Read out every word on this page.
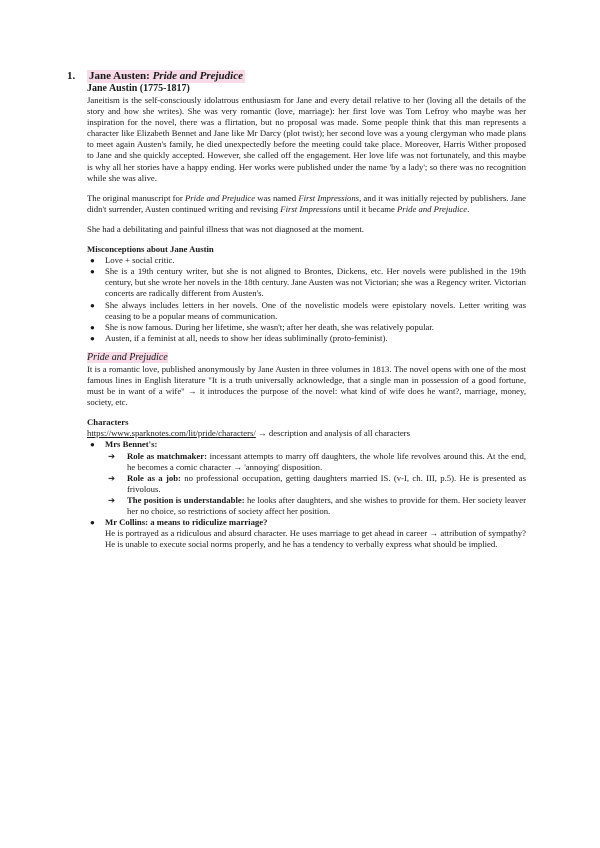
1.	Jane Austen: Pride and Prejudice
Jane Austin (1775-1817)

Janeitism is the self-consciously idolatrous enthusiasm for Jane and every detail relative to her (loving all the details of the story and how she writes). She was very romantic (love, marriage): her first love was Tom Lefroy who maybe was her inspiration for the novel, there was a flirtation, but no proposal was made. Some people think that this man represents a character like Elizabeth Bennet and Jane like Mr Darcy (plot twist); her second love was a young clergyman who made plans to meet again Austen's family, he died unexpectedly before the meeting could take place. Moreover, Harris Wither proposed to Jane and she quickly accepted. However, she called off the engagement. Her love life was not fortunately, and this maybe is why all her stories have a happy ending. Her works were published under the name 'by a lady'; so there was no recognition while she was alive.

The original manuscript for Pride and Prejudice was named First Impressions, and it was initially rejected by publishers. Jane didn't surrender, Austen continued writing and revising First Impressions until it became Pride and Prejudice.

She had a debilitating and painful illness that was not diagnosed at the moment.

Misconceptions about Jane Austin
● Love + social critic.
● She is a 19th century writer, but she is not aligned to Brontes, Dickens, etc. Her novels were published in the 19th century, but she wrote her novels in the 18th century. Jane Austen was not Victorian; she was a Regency writer. Victorian concerts are radically different from Austen's.
● She always includes letters in her novels. One of the novelistic models were epistolary novels. Letter writing was ceasing to be a popular means of communication.
● She is now famous. During her lifetime, she wasn't; after her death, she was relatively popular.
● Austen, if a feminist at all, needs to show her ideas subliminally (proto-feminist).
Pride and Prejudice

It is a romantic love, published anonymously by Jane Austen in three volumes in 1813. The novel opens with one of the most famous lines in English literature "It is a truth universally acknowledge, that a single man in possession of a good fortune, must be in want of a wife" → it introduces the purpose of the novel: what kind of wife does he want?, marriage, money, society, etc.

Characters
https://www.sparknotes.com/lit/pride/characters/ → description and analysis of all characters
● Mrs Bennet's:
➔ Role as matchmaker: incessant attempts to marry off daughters, the whole life revolves around this. At the end, he becomes a comic character → 'annoying' disposition.
➔ Role as a job: no professional occupation, getting daughters married IS. (v-I, ch. III, p.5). He is presented as frivolous.
➔ The position is understandable: he looks after daughters, and she wishes to provide for them. Her society leaver her no choice, so restrictions of society affect her position.
● Mr Collins: a means to ridiculize marriage?
He is portrayed as a ridiculous and absurd character. He uses marriage to get ahead in career → attribution of sympathy? He is unable to execute social norms properly, and he has a tendency to verbally express what should be implied.
